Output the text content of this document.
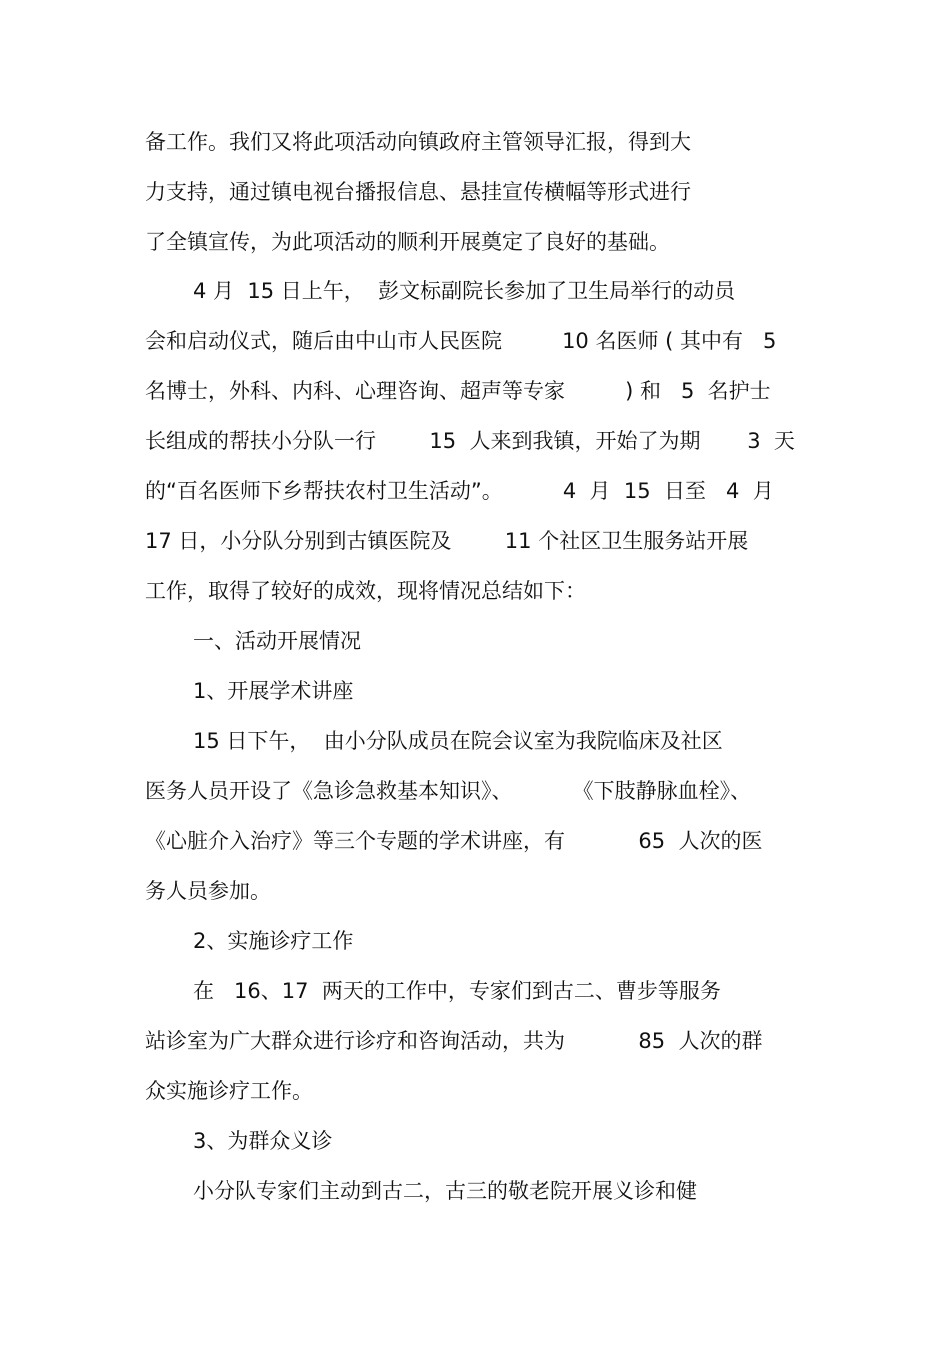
备工作。我们又将此项活动向镇政府主管领导汇报，得到大
力支持，通过镇电视台播报信息、悬挂宣传横幅等形式进行
了全镇宣传，为此项活动的顺利开展奠定了良好的基础。
4 月  15 日上午，  彭文标副院长参加了卫生局举行的动员
会和启动仪式，随后由中山市人民医院         10 名医师 ( 其中有   5
名博士，外科、内科、心理咨询、超声等专家         ) 和   5  名护士
长组成的帮扶小分队一行        15  人来到我镇，开始了为期       3  天
的“百名医师下乡帮扶农村卫生活动”。         4  月  15  日至   4  月
17 日，小分队分别到古镇医院及        11 个社区卫生服务站开展
工作，取得了较好的成效，现将情况总结如下：
一、活动开展情况
1、开展学术讲座
15 日下午，  由小分队成员在院会议室为我院临床及社区
医务人员开设了《急诊急救基本知识》、         《下肢静脉血栓》、
《心脏介入治疗》等三个专题的学术讲座，有           65  人次的医
务人员参加。
2、实施诊疗工作
在   16、17  两天的工作中，专家们到古二、曹步等服务
站诊室为广大群众进行诊疗和咨询活动，共为           85  人次的群
众实施诊疗工作。
3、为群众义诊
小分队专家们主动到古二，古三的敬老院开展义诊和健
